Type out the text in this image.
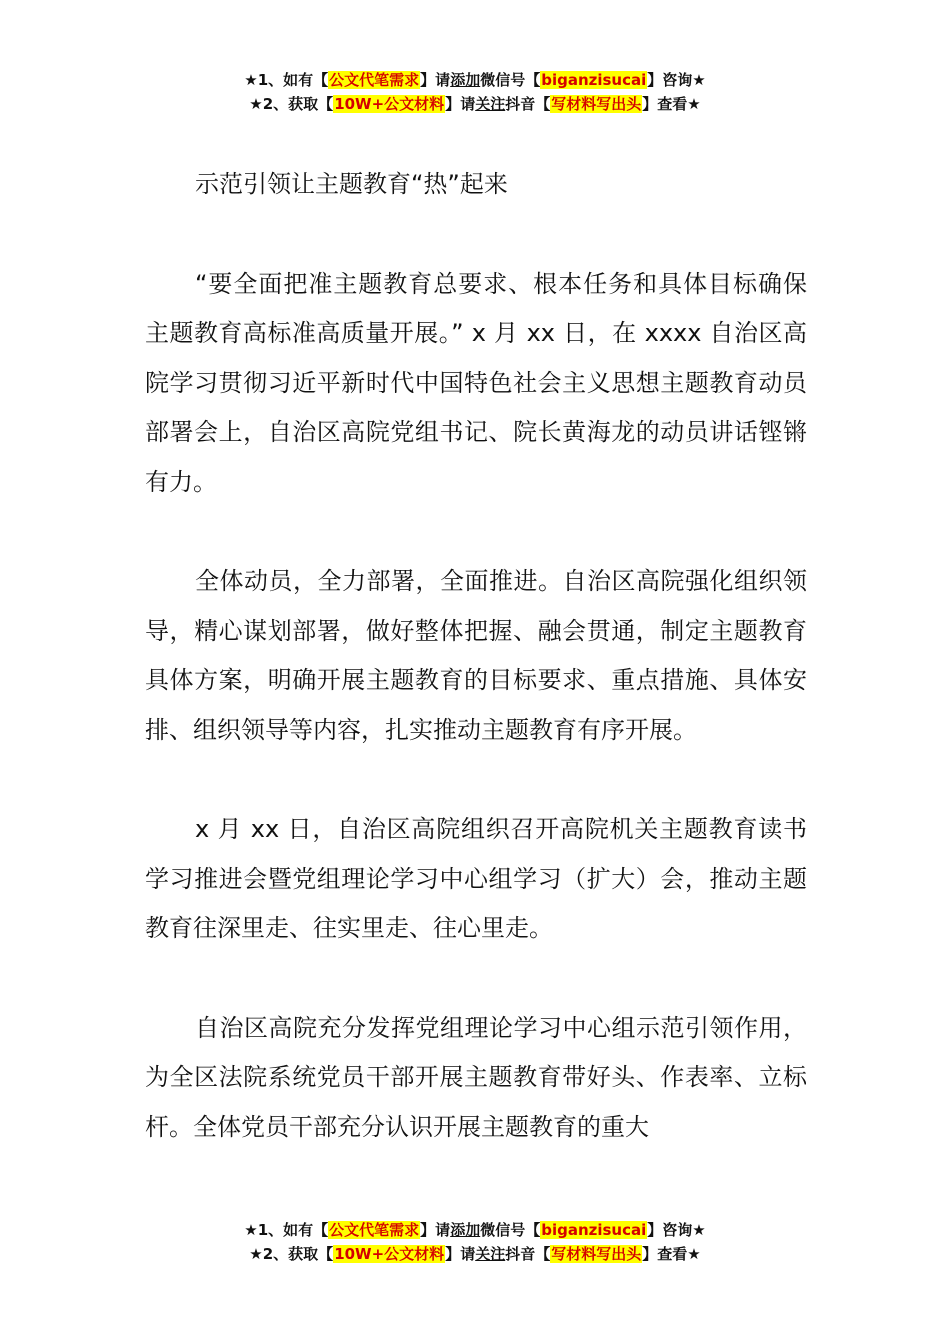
★1、如有【公文代笔需求】请添加微信号【biganzisucai】咨询★
★2、获取【10W+公文材料】请关注抖音【写材料写出头】查看★

示范引领让主题教育“热”起来

“要全面把准主题教育总要求、根本任务和具体目标确保主题教育高标准高质量开展。” x 月 xx 日，在 xxxx 自治区高院学习贯彻习近平新时代中国特色社会主义思想主题教育动员部署会上，自治区高院党组书记、院长黄海龙的动员讲话铿锵有力。

全体动员，全力部署，全面推进。自治区高院强化组织领导，精心谋划部署，做好整体把握、融会贯通，制定主题教育具体方案，明确开展主题教育的目标要求、重点措施、具体安排、组织领导等内容，扎实推动主题教育有序开展。

x 月 xx 日，自治区高院组织召开高院机关主题教育读书学习推进会暨党组理论学习中心组学习（扩大）会，推动主题教育往深里走、往实里走、往心里走。

自治区高院充分发挥党组理论学习中心组示范引领作用，为全区法院系统党员干部开展主题教育带好头、作表率、立标杆。全体党员干部充分认识开展主题教育的重大

★1、如有【公文代笔需求】请添加微信号【biganzisucai】咨询★
★2、获取【10W+公文材料】请关注抖音【写材料写出头】查看★
